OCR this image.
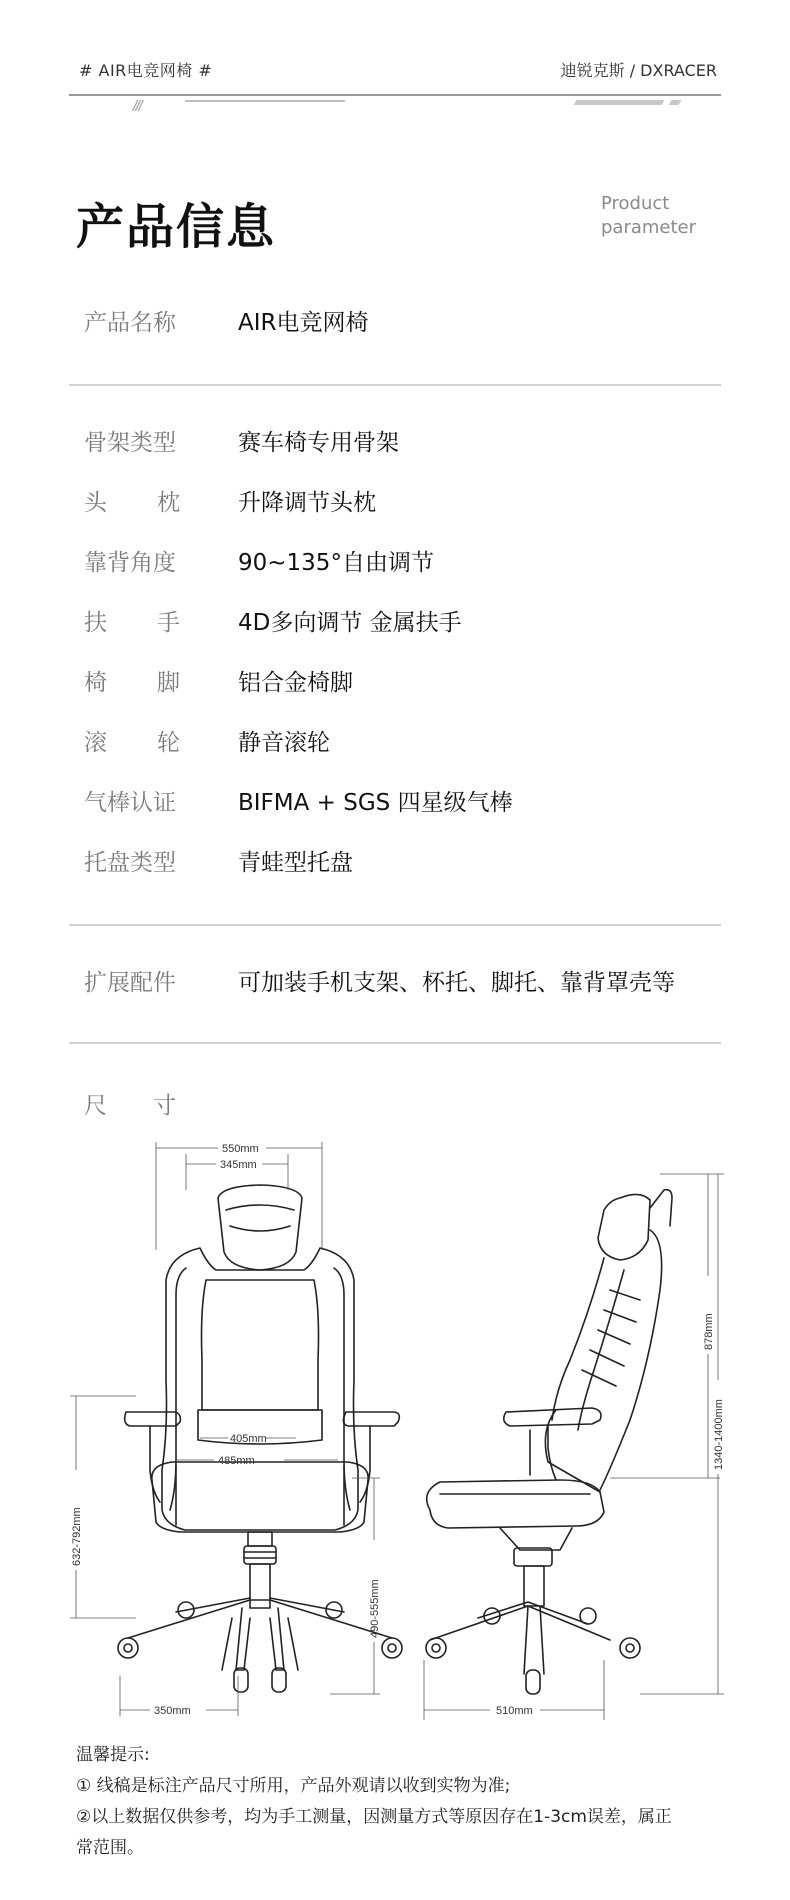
# AIR电竞网椅 #	迪锐克斯 / DXRACER
///
产品信息	Product
parameter
产品名称	AIR电竞网椅
骨架类型	赛车椅专用骨架
头 枕	升降调节头枕
靠背角度	90~135°自由调节
扶 手	4D多向调节 金属扶手
椅 脚	铝合金椅脚
滚 轮	静音滚轮
气棒认证	BIFMA + SGS 四星级气棒
托盘类型	青蛙型托盘
扩展配件	可加装手机支架、杯托、脚托、靠背罩壳等
尺 寸
550mm
345mm
405mm
485mm
632-792mm
490-555mm
350mm
878mm
1340-1400mm
510mm
温馨提示:
① 线稿是标注产品尺寸所用，产品外观请以收到实物为准;
②以上数据仅供参考，均为手工测量，因测量方式等原因存在1-3cm误差，属正
常范围。
